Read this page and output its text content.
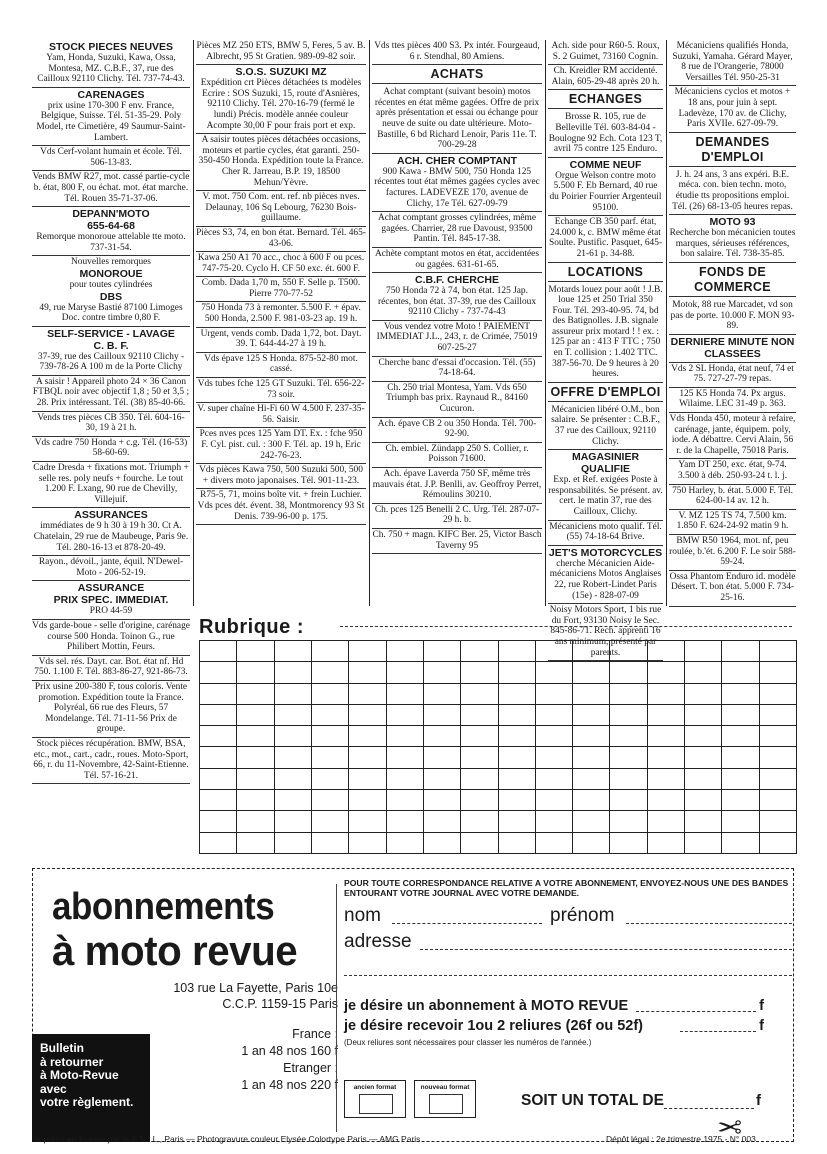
STOCK PIECES NEUVES
Yam, Honda, Suzuki, Kawa, Ossa, Montesa, MZ. C.B.F., 37, rue des Cailloux 92110 Clichy. Tél. 737-74-43.
CARENAGES
prix usine 170-300 F env. France, Belgique, Suisse. Tél. 51-35-29. Poly Model, rte Cimetière, 49 Saumur-Saint-Lambert.
Vds Cerf-volant humain et école. Tél. 506-13-83.
Vends BMW R27, mot. cassé partie-cycle b. état, 800 F, ou échat. mot. état marche. Tél. Rouen 35-71-37-06.
DEPANN'MOTO
655-64-68
Remorque monoroue attelable tte moto. 737-31-54.
Nouvelles remorques
MONOROUE
pour toutes cylindrées
DBS
49, rue Maryse Bastié 87100 Limoges Doc. contre timbre 0,80 F.
SELF-SERVICE - LAVAGE
C. B. F.
37-39, rue des Cailloux 92110 Clichy - 739-78-26 A 100 m de la Porte Clichy
A saisir ! Appareil photo 24 × 36 Canon FTBQL noir avec objectif 1,8 ; 50 et 3,5 ; 28. Prix intéressant. Tél. (38) 85-40-66.
Vends tres pièces CB 350. Tél. 604-16-30, 19 à 21 h.
Vds cadre 750 Honda + c.g. Tél. (16-53) 58-60-69.
Cadre Dresda + fixations mot. Triumph + selle res. poly neufs + fourche. Le tout 1.200 F. Lxang, 90 rue de Chevilly, Villejuif.
ASSURANCES
immédiates de 9 h 30 à 19 h 30. Ct A. Chatelain, 29 rue de Maubeuge, Paris 9e. Tél. 280-16-13 et 878-20-49.
Rayon., dévoil., jante, équil. N'Dewel-Moto - 206-52-19.
ASSURANCE
PRIX SPEC. IMMEDIAT.
PRO 44-59
Vds garde-boue - selle d'origine, carénage course 500 Honda. Toinon G., rue Philibert Mottin, Feurs.
Vds sel. rés. Dayt. car. Bot. état nf. Hd 750. 1.100 F. Tél. 883-86-27, 921-86-73.
Prix usine 200-380 F, tous coloris. Vente promotion. Expédition toute la France. Polyréal, 66 rue des Fleurs, 57 Mondelange. Tél. 71-11-56 Prix de groupe.
Stock pièces récupération. BMW, BSA, etc., mot., cart., cadr., roues. Moto-Sport, 66, r. du 11-Novembre, 42-Saint-Etienne. Tél. 57-16-21.
Pièces MZ 250 ETS, BMW 5, Feres, 5 av. B. Albrecht, 95 St Gratien. 989-09-82 soir.
S.O.S. SUZUKI MZ
Expédition crt Pièces détachées ts modèles Ecrire : SOS Suzuki, 15, route d'Asnières, 92110 Clichy. Tél. 270-16-79 (fermé le lundi) Précis. modèle année couleur Acompte 30,00 F pour frais port et exp.
A saisir toutes pièces détachées occasions, moteurs et partie cycles, état garanti. 250-350-450 Honda. Expédition toute la France. Cher R. Jarreau, B.P. 19, 18500 Mehun/Yèvre.
V. mot. 750 Com. ent. ref. nb pièces nves. Delaunay, 106 Sq Lebourg, 76230 Bois-guillaume.
Pièces S3, 74, en bon état. Bernard. Tél. 465-43-06.
Kawa 250 A1 70 acc., choc à 600 F ou pces. 747-75-20. Cyclo H. CF 50 exc. ét. 600 F.
Comb. Dada 1,70 m, 550 F. Selle p. T500. Pierre 770-77-52
750 Honda 73 à remonter. 5.500 F. + épav. 500 Honda, 2.500 F. 981-03-23 ap. 19 h.
Urgent, vends comb. Dada 1,72, bot. Dayt. 39. T. 644-44-27 à 19 h.
Vds épave 125 S Honda. 875-52-80 mot. cassé.
Vds tubes fche 125 GT Suzuki. Tél. 656-22-73 soir.
V. super chaîne Hi-Fi 60 W 4.500 F. 237-35-56. Saisir.
Pces nves pces 125 Yam DT. Ex. : fche 950 F. Cyl. pist. cul. : 300 F. Tél. ap. 19 h, Eric 242-76-23.
Vds pièces Kawa 750, 500 Suzuki 500, 500 + divers moto japonaises. Tél. 901-11-23.
R75-5, 71, moins boîte vit. + frein Luchier. Vds pces dét. évent. 38, Montmorency 93 St Denis. 739-96-00 p. 175.
Vds ttes pièces 400 S3. Px intér. Fourgeaud, 6 r. Stendhal, 80 Amiens.
ACHATS
Achat comptant (suivant besoin) motos récentes en état même gagées. Offre de prix après présentation et essai ou échange pour neuve de suite ou date ultérieure. Moto-Bastille, 6 bd Richard Lenoir, Paris 11e. T. 700-29-28
ACH. CHER COMPTANT
900 Kawa - BMW 500, 750 Honda 125 récentes tout état mêmes gagées cycles avec factures. LADEVEZE 170, avenue de Clichy, 17e Tél. 627-09-79
Achat comptant grosses cylindrées, même gagées. Charrier, 28 rue Davoust, 93500 Pantin. Tél. 845-17-38.
Achète comptant motos en état, accidentées ou gagées. 631-61-65.
C.B.F. CHERCHE
750 Honda 72 à 74, bon état. 125 Jap. récentes, bon état. 37-39, rue des Cailloux 92110 Clichy - 737-74-43
Vous vendez votre Moto ! PAIEMENT IMMEDIAT J.L., 243, r. de Crimée, 75019 607-25-27
Cherche banc d'essai d'occasion. Tél. (55) 74-18-64.
Ch. 250 trial Montesa, Yam. Vds 650 Triumph bas prix. Raynaud R., 84160 Cucuron.
Ach. épave CB 2 ou 350 Honda. Tél. 700-92-90.
Ch. embiel. Zündapp 250 S. Collier, r. Poisson 71600.
Ach. épave Laverda 750 SF, même très mauvais état. J.P. Benlli, av. Geoffroy Perret, Rémoulins 30210.
Ch. pces 125 Benelli 2 C. Urg. Tél. 287-07-29 h. b.
Ch. 750 + magn. KIFC Ber. 25, Victor Basch Taverny 95
Ach. side pour R60-5. Roux, S. 2 Guimet, 73160 Cognin.
Ch. Kreidler RM accidenté. Alain, 605-29-48 après 20 h.
ECHANGES
Brosse R. 105, rue de Belleville Tél. 603-84-04 - Boulogne 92 Ech. Cota 123 T, avril 75 contre 125 Enduro.
COMME NEUF
Orgue Welson contre moto 5.500 F. Eb Bernard, 40 rue du Poirier Fourrier Argenteuil 95100.
Echange CB 350 parf. état, 24.000 k, c. BMW même état Soulte. Pustific. Pasquet, 645-21-61 p. 34-88.
LOCATIONS
Motards louez pour août ! J.B. loue 125 et 250 Trial 350 Four. Tél. 293-40-95. 74, bd des Batignolles. J.B. signale assureur prix motard ! ! ex. : 125 par an : 413 F TTC ; 750 en T. collision : 1.402 TTC. 387-56-70. De 9 heures à 20 heures.
OFFRE D'EMPLOI
Mécanicien libéré O.M., bon salaire. Se présenter : C.B.F., 37 rue des Cailloux, 92110 Clichy.
MAGASINIER QUALIFIE
Exp. et Ref. exigées Poste à responsabilités. Se présent. av. cert. le matin 37, rue des Cailloux, Clichy.
Mécaniciens moto qualif. Tél. (55) 74-18-64 Brive.
JET'S MOTORCYCLES
cherche Mécanicien Aide-mécaniciens Motos Anglaises 22, rue Robert-Lindet Paris (15e) - 828-07-09
Noisy Motors Sport, 1 bis rue du Fort, 93130 Noisy le Sec. 845-86-71. Rech. apprenti 16 ans minimum, présenté par parents.
Mécaniciens qualifiés Honda, Suzuki, Yamaha. Gérard Mayer, 8 rue de l'Orangerie, 78000 Versailles Tél. 950-25-31
Mécaniciens cyclos et motos + 18 ans, pour juin à sept. Ladevèze, 170 av. de Clichy, Paris XVIIe. 627-09-79.
DEMANDES D'EMPLOI
J. h. 24 ans, 3 ans expéri. B.E. méca. con. bien techn. moto, étudie tts propositions emploi. Tél. (26) 68-13-05 heures repas.
MOTO 93
Recherche bon mécanicien toutes marques, sérieuses références, bon salaire. Tél. 738-35-85.
FONDS DE COMMERCE
Motok, 88 rue Marcadet, vd son pas de porte. 10.000 F. MON 93-89.
DERNIERE MINUTE NON CLASSEES
Vds 2 SL Honda, état neuf, 74 et 75. 727-27-79 repas.
125 K5 Honda 74. Px argus. Wilaime. LEC 31-49 p. 363.
Vds Honda 450, moteur à refaire, carénage, jante, équipem. poly, iode. A débattre. Cervi Alain, 56 r. de la Chapelle, 75018 Paris.
Yam DT 250, exc. état, 9-74. 3.500 à déb. 250-93-24 t. l. j.
750 Harley, b. état. 5.000 F. Tél. 624-00-14 av. 12 h.
V. MZ 125 TS 74, 7.500 km. 1.850 F. 624-24-92 matin 9 h.
BMW R50 1964, mot. nf, peu roulée, b.'ét. 6.200 F. Le soir 588-59-24.
Ossa Phantom Enduro id. modèle Désert. T. bon état. 5.000 F. 734-25-16.
Rubrique :

abonnements
à moto revue
103 rue La Fayette, Paris 10e
C.C.P. 1159-15 Paris
France :
1 an 48 nos 160 f
Etranger :
1 an 48 nos 220 f
Bulletin
à retourner
à Moto-Revue
avec
votre règlement.
POUR TOUTE CORRESPONDANCE RELATIVE A VOTRE ABONNEMENT, ENVOYEZ-NOUS UNE DES BANDES ENTOURANT VOTRE JOURNAL AVEC VOTRE DEMANDE.
nom	prénom
adresse
je désire un abonnement à MOTO REVUE	f
je désire recevoir 1ou 2 reliures (26f ou 52f)	f
(Deux reliures sont nécessaires pour classer les numéros de l'année.)
ancien format	nouveau format
SOIT UN TOTAL DE	f
✂
Imprimé en France par la S.N.I.L., Paris — Photogravure couleur Elysée Colortype Paris — AMG Paris	Dépôt légal : 2e trimestre 1975 - N° 003
